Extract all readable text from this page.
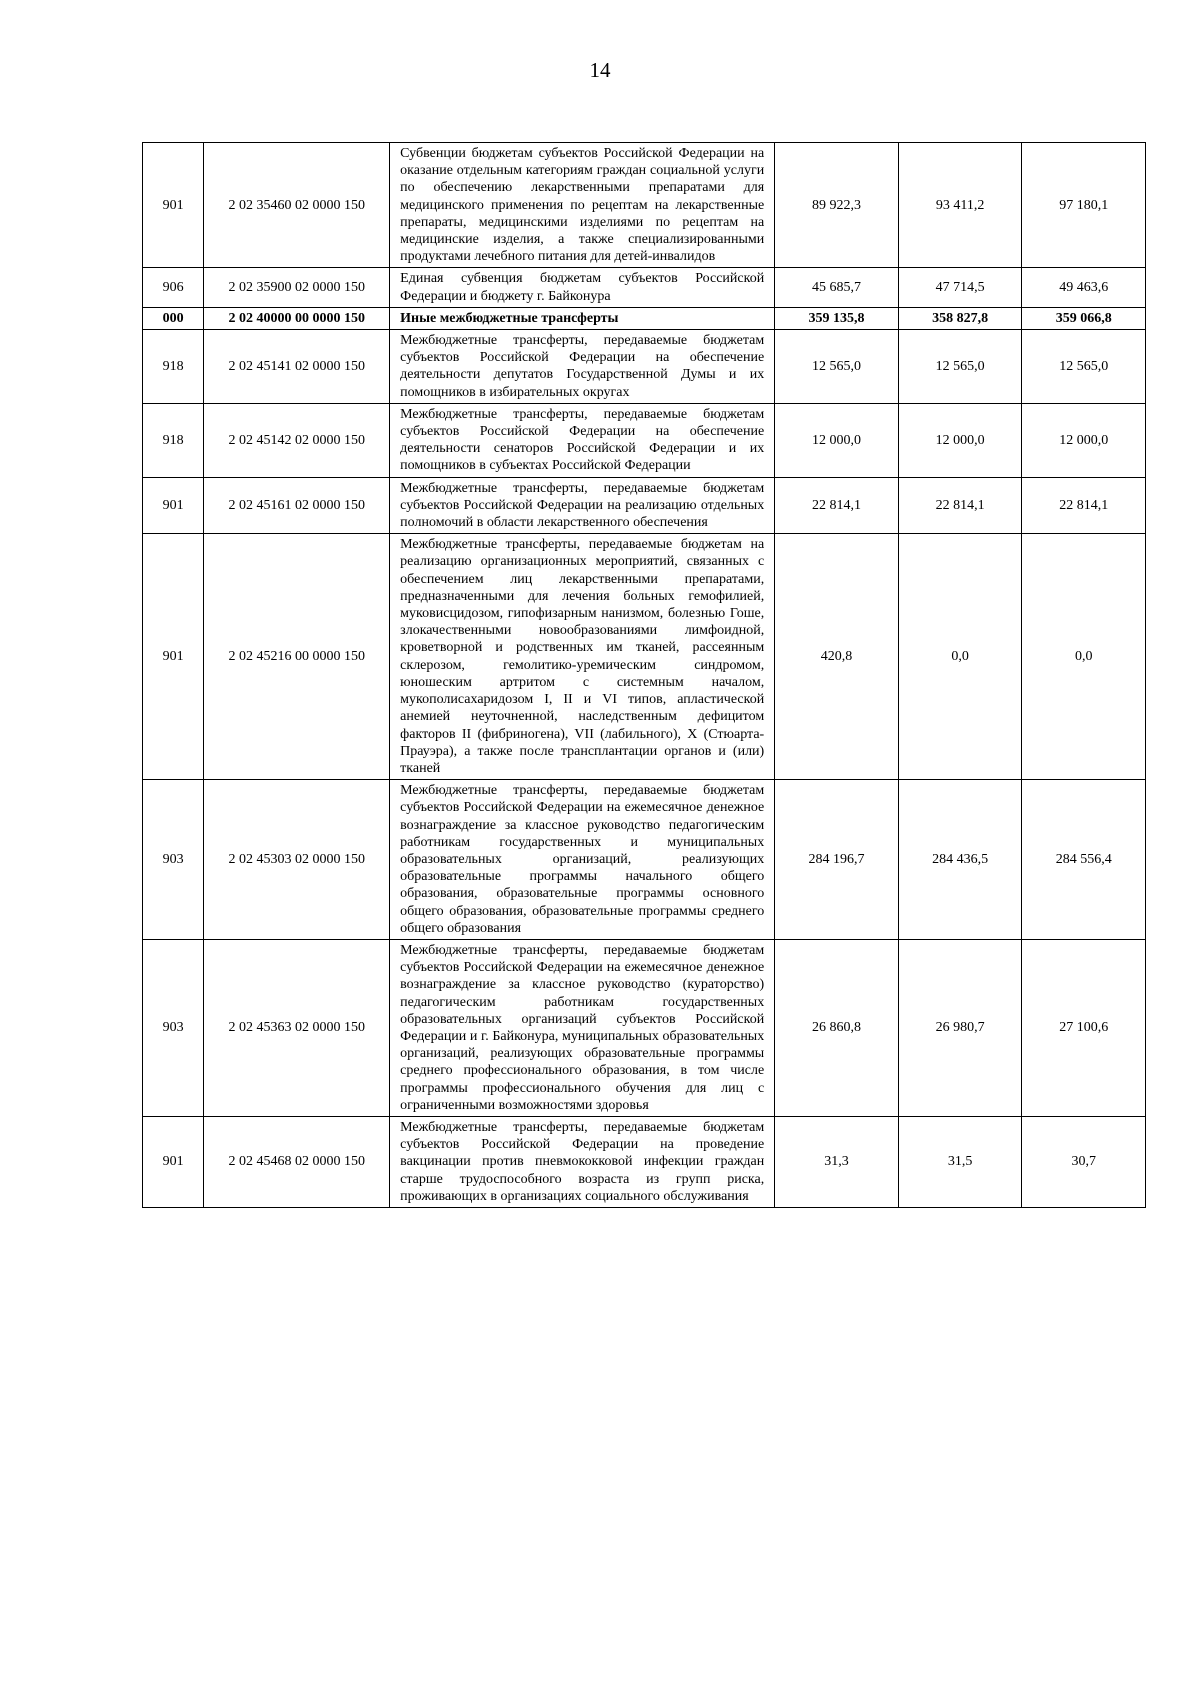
14
901	2 02 35460 02 0000 150	Субвенции бюджетам субъектов Российской Федерации на оказание отдельным категориям граждан социальной услуги по обеспечению лекарственными препаратами для медицинского применения по рецептам на лекарственные препараты, медицинскими изделиями по рецептам на медицинские изделия, а также специализированными продуктами лечебного питания для детей-инвалидов	89 922,3	93 411,2	97 180,1
906	2 02 35900 02 0000 150	Единая субвенция бюджетам субъектов Российской Федерации и бюджету г. Байконура	45 685,7	47 714,5	49 463,6
000	2 02 40000 00 0000 150	Иные межбюджетные трансферты	359 135,8	358 827,8	359 066,8
918	2 02 45141 02 0000 150	Межбюджетные трансферты, передаваемые бюджетам субъектов Российской Федерации на обеспечение деятельности депутатов Государственной Думы и их помощников в избирательных округах	12 565,0	12 565,0	12 565,0
918	2 02 45142 02 0000 150	Межбюджетные трансферты, передаваемые бюджетам субъектов Российской Федерации на обеспечение деятельности сенаторов Российской Федерации и их помощников в субъектах Российской Федерации	12 000,0	12 000,0	12 000,0
901	2 02 45161 02 0000 150	Межбюджетные трансферты, передаваемые бюджетам субъектов Российской Федерации на реализацию отдельных полномочий в области лекарственного обеспечения	22 814,1	22 814,1	22 814,1
901	2 02 45216 00 0000 150	Межбюджетные трансферты, передаваемые бюджетам на реализацию организационных мероприятий, связанных с обеспечением лиц лекарственными препаратами, предназначенными для лечения больных гемофилией, муковисцидозом, гипофизарным нанизмом, болезнью Гоше, злокачественными новообразованиями лимфоидной, кроветворной и родственных им тканей, рассеянным склерозом, гемолитико-уремическим синдромом, юношеским артритом с системным началом, мукополисахаридозом I, II и VI типов, апластической анемией неуточненной, наследственным дефицитом факторов II (фибриногена), VII (лабильного), X (Стюарта-Прауэра), а также после трансплантации органов и (или) тканей	420,8	0,0	0,0
903	2 02 45303 02 0000 150	Межбюджетные трансферты, передаваемые бюджетам субъектов Российской Федерации на ежемесячное денежное вознаграждение за классное руководство педагогическим работникам государственных и муниципальных образовательных организаций, реализующих образовательные программы начального общего образования, образовательные программы основного общего образования, образовательные программы среднего общего образования	284 196,7	284 436,5	284 556,4
903	2 02 45363 02 0000 150	Межбюджетные трансферты, передаваемые бюджетам субъектов Российской Федерации на ежемесячное денежное вознаграждение за классное руководство (кураторство) педагогическим работникам государственных образовательных организаций субъектов Российской Федерации и г. Байконура, муниципальных образовательных организаций, реализующих образовательные программы среднего профессионального образования, в том числе программы профессионального обучения для лиц с ограниченными возможностями здоровья	26 860,8	26 980,7	27 100,6
901	2 02 45468 02 0000 150	Межбюджетные трансферты, передаваемые бюджетам субъектов Российской Федерации на проведение вакцинации против пневмококковой инфекции граждан старше трудоспособного возраста из групп риска, проживающих в организациях социального обслуживания	31,3	31,5	30,7
